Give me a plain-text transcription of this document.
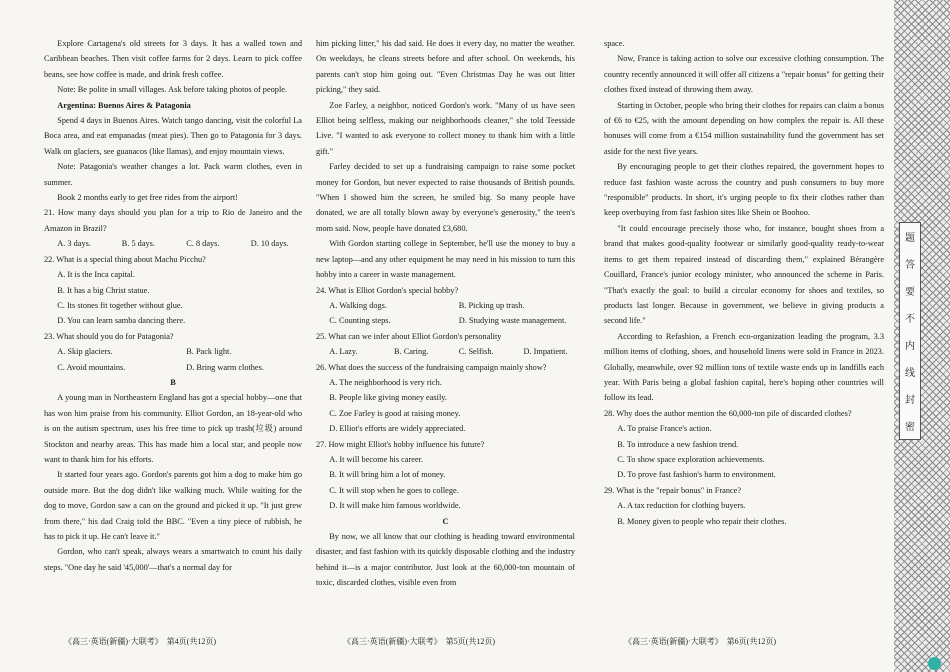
Explore Cartagena's old streets for 3 days. It has a walled town and Caribbean beaches. Then visit coffee farms for 2 days. Learn to pick coffee beans, see how coffee is made, and drink fresh coffee.

Note: Be polite in small villages. Ask before taking photos of people.

Argentina: Buenos Aires & Patagonia

Spend 4 days in Buenos Aires. Watch tango dancing, visit the colorful La Boca area, and eat empanadas (meat pies). Then go to Patagonia for 3 days. Walk on glaciers, see guanacos (like llamas), and enjoy mountain views.

Note: Patagonia's weather changes a lot. Pack warm clothes, even in summer.

Book 2 months early to get free rides from the airport!

21. How many days should you plan for a trip to Rio de Janeiro and the Amazon in Brazil?

A. 3 days.	B. 5 days.	C. 8 days.	D. 10 days.

22. What is a special thing about Machu Picchu?

A. It is the Inca capital.

B. It has a big Christ statue.

C. Its stones fit together without glue.

D. You can learn samba dancing there.

23. What should you do for Patagonia?

A. Skip glaciers.	B. Pack light.
C. Avoid mountains.	D. Bring warm clothes.

B

A young man in Northeastern England has got a special hobby—one that has won him praise from his community. Elliot Gordon, an 18-year-old who is on the autism spectrum, uses his free time to pick up trash(垃圾) around Stockton and nearby areas. This has made him a local star, and people now want to thank him for his efforts.

It started four years ago. Gordon's parents got him a dog to make him go outside more. But the dog didn't like walking much. While waiting for the dog to move, Gordon saw a can on the ground and picked it up. "It just grew from there," his dad Craig told the BBC. "Even a tiny piece of rubbish, he has to pick it up. He can't leave it."

Gordon, who can't speak, always wears a smartwatch to count his daily steps. "One day he said '45,000'—that's a normal day for

him picking litter," his dad said. He does it every day, no matter the weather. On weekdays, he cleans streets before and after school. On weekends, his parents can't stop him going out. "Even Christmas Day he was out litter picking," they said.

Zoe Farley, a neighbor, noticed Gordon's work. "Many of us have seen Elliot being selfless, making our neighborhoods cleaner," she told Teesside Live. "I wanted to ask everyone to collect money to thank him with a little gift."

Farley decided to set up a fundraising campaign to raise some pocket money for Gordon, but never expected to raise thousands of British pounds. "When I showed him the screen, he smiled big. So many people have donated, we are all totally blown away by everyone's generosity," the teen's mom said. Now, people have donated £3,680.

With Gordon starting college in September, he'll use the money to buy a new laptop—and any other equipment he may need in his mission to turn this hobby into a career in waste management.

24. What is Elliot Gordon's special hobby?

A. Walking dogs.	B. Picking up trash.
C. Counting steps.	D. Studying waste management.

25. What can we infer about Elliot Gordon's personality

A. Lazy.	B. Caring.	C. Selfish.	D. Impatient.

26. What does the success of the fundraising campaign mainly show?

A. The neighborhood is very rich.

B. People like giving money easily.

C. Zoe Farley is good at raising money.

D. Elliot's efforts are widely appreciated.

27. How might Elliot's hobby influence his future?

A. It will become his career.

B. It will bring him a lot of money.

C. It will stop when he goes to college.

D. It will make him famous worldwide.

C

By now, we all know that our clothing is heading toward environmental disaster, and fast fashion with its quickly disposable clothing and the industry behind it—is a major contributor. Just look at the 60,000-ton mountain of toxic, discarded clothes, visible even from

space.

Now, France is taking action to solve our excessive clothing consumption. The country recently announced it will offer all citizens a "repair bonus" for getting their clothes fixed instead of throwing them away.

Starting in October, people who bring their clothes for repairs can claim a bonus of €6 to €25, with the amount depending on how complex the repair is. All these bonuses will come from a €154 million sustainability fund the government has set aside for the next five years.

By encouraging people to get their clothes repaired, the government hopes to reduce fast fashion waste across the country and push consumers to buy more "responsible" products. In short, it's urging people to fix their clothes rather than keep overbuying from fast fashion sites like Shein or Boohoo.

"It could encourage precisely those who, for instance, bought shoes from a brand that makes good-quality footwear or similarly good-quality ready-to-wear items to get them repaired instead of discarding them," explained Bérangère Couillard, France's junior ecology minister, who announced the scheme in Paris. "That's exactly the goal: to build a circular economy for shoes and textiles, so products last longer. Because in government, we believe in giving products a second life."

According to Refashion, a French eco-organization leading the program, 3.3 million items of clothing, shoes, and household linens were sold in France in 2023. Globally, meanwhile, over 92 million tons of textile waste ends up in landfills each year. With Paris being a global fashion capital, here's hoping other countries will follow its lead.

28. Why does the author mention the 60,000-ton pile of discarded clothes?

A. To praise France's action.

B. To introduce a new fashion trend.

C. To show space exploration achievements.

D. To prove fast fashion's harm to environment.

29. What is the "repair bonus" in France?

A. A tax reduction for clothing buyers.

B. Money given to people who repair their clothes.

《高三·英语(新疆)·大联考》　第4页(共12页)	《高三·英语(新疆)·大联考》　第5页(共12页)	《高三·英语(新疆)·大联考》　第6页(共12页)
题
答
要
不
内
线
封
密
